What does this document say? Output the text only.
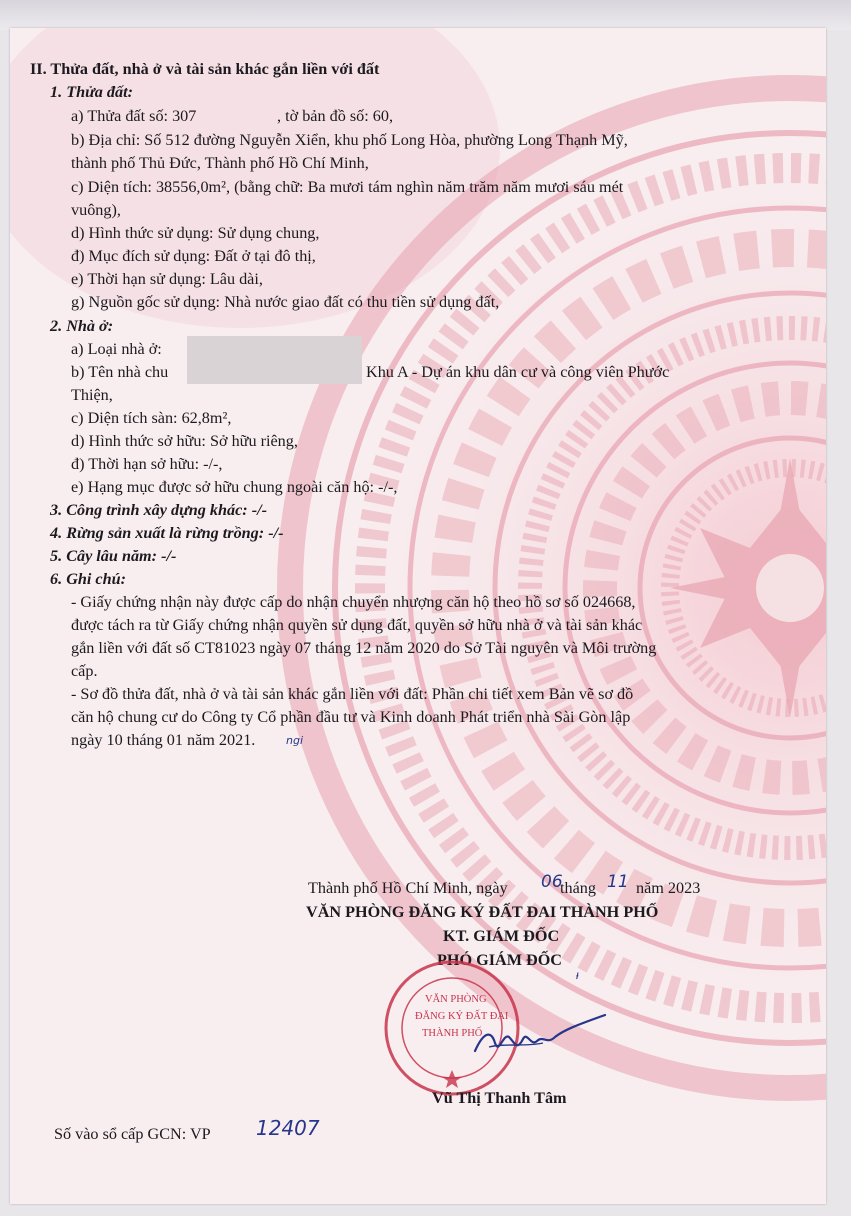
II. Thửa đất, nhà ở và tài sản khác gắn liền với đất
1. Thửa đất:
a) Thửa đất số: 307	, tờ bản đồ số: 60,
b) Địa chỉ: Số 512 đường Nguyễn Xiển, khu phố Long Hòa, phường Long Thạnh Mỹ,
thành phố Thủ Đức, Thành phố Hồ Chí Minh,
c) Diện tích: 38556,0m², (bằng chữ: Ba mươi tám nghìn năm trăm năm mươi sáu mét
vuông),
d) Hình thức sử dụng: Sử dụng chung,
đ) Mục đích sử dụng: Đất ở tại đô thị,
e) Thời hạn sử dụng: Lâu dài,
g) Nguồn gốc sử dụng: Nhà nước giao đất có thu tiền sử dụng đất,
2. Nhà ở:
a) Loại nhà ở:
b) Tên nhà chu	Khu A - Dự án khu dân cư và công viên Phước
Thiện,
c) Diện tích sàn: 62,8m²,
d) Hình thức sở hữu: Sở hữu riêng,
đ) Thời hạn sở hữu: -/-,
e) Hạng mục được sở hữu chung ngoài căn hộ: -/-,
3. Công trình xây dựng khác: -/-
4. Rừng sản xuất là rừng trồng: -/-
5. Cây lâu năm: -/-
6. Ghi chú:
- Giấy chứng nhận này được cấp do nhận chuyển nhượng căn hộ theo hồ sơ số 024668,
được tách ra từ Giấy chứng nhận quyền sử dụng đất, quyền sở hữu nhà ở và tài sản khác
gắn liền với đất số CT81023 ngày 07 tháng 12 năm 2020 do Sở Tài nguyên và Môi trường
cấp.
- Sơ đồ thửa đất, nhà ở và tài sản khác gắn liền với đất: Phần chi tiết xem Bản vẽ sơ đồ
căn hộ chung cư do Công ty Cổ phần đầu tư và Kinh doanh Phát triển nhà Sài Gòn lập
ngày 10 tháng 01 năm 2021.	ngi
Thành phố Hồ Chí Minh, ngày 06
tháng 11 năm 2023
VĂN PHÒNG ĐĂNG KÝ ĐẤT ĐAI THÀNH PHỐ
KT. GIÁM ĐỐC
PHÓ GIÁM ĐỐC
ᵼ
VĂN PHÒNG
ĐĂNG KÝ ĐẤT ĐAI
THÀNH PHỐ
Vũ Thị Thanh Tâm
Số vào sổ cấp GCN: VP 12407
